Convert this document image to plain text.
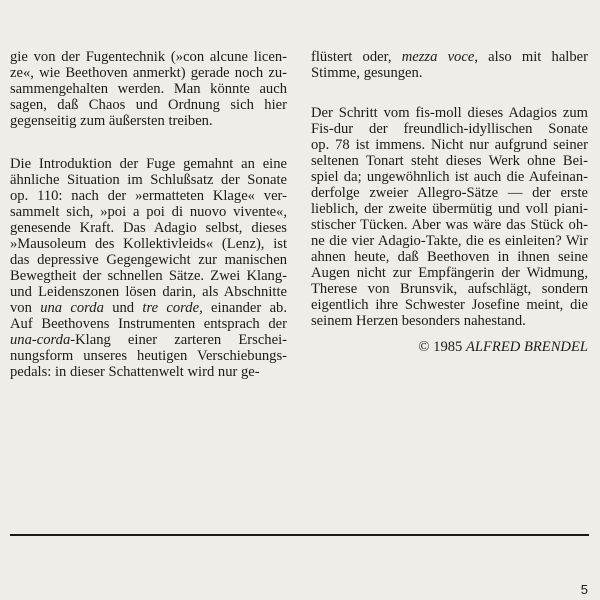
gie von der Fugentechnik (»con alcune licen-
ze«, wie Beethoven anmerkt) gerade noch zu-
sammengehalten werden. Man könnte auch
sagen, daß Chaos und Ordnung sich hier
gegenseitig zum äußersten treiben.
Die Introduktion der Fuge gemahnt an eine
ähnliche Situation im Schlußsatz der Sonate
op. 110: nach der »ermatteten Klage« ver-
sammelt sich, »poi a poi di nuovo vivente«,
genesende Kraft. Das Adagio selbst, dieses
»Mausoleum des Kollektivleids« (Lenz), ist
das depressive Gegengewicht zur manischen
Bewegtheit der schnellen Sätze. Zwei Klang-
und Leidenszonen lösen darin, als Abschnitte
von una corda und tre corde, einander ab.
Auf Beethovens Instrumenten entsprach der
una-corda-Klang einer zarteren Erschei-
nungsform unseres heutigen Verschiebungs-
pedals: in dieser Schattenwelt wird nur ge-
flüstert oder, mezza voce, also mit halber
Stimme, gesungen.
Der Schritt vom fis-moll dieses Adagios zum
Fis-dur der freundlich-idyllischen Sonate
op. 78 ist immens. Nicht nur aufgrund seiner
seltenen Tonart steht dieses Werk ohne Bei-
spiel da; ungewöhnlich ist auch die Aufeinan-
derfolge zweier Allegro-Sätze — der erste
lieblich, der zweite übermütig und voll piani-
stischer Tücken. Aber was wäre das Stück oh-
ne die vier Adagio-Takte, die es einleiten? Wir
ahnen heute, daß Beethoven in ihnen seine
Augen nicht zur Empfängerin der Widmung,
Therese von Brunsvik, aufschlägt, sondern
eigentlich ihre Schwester Josefine meint, die
seinem Herzen besonders nahestand.
© 1985 ALFRED BRENDEL
5
